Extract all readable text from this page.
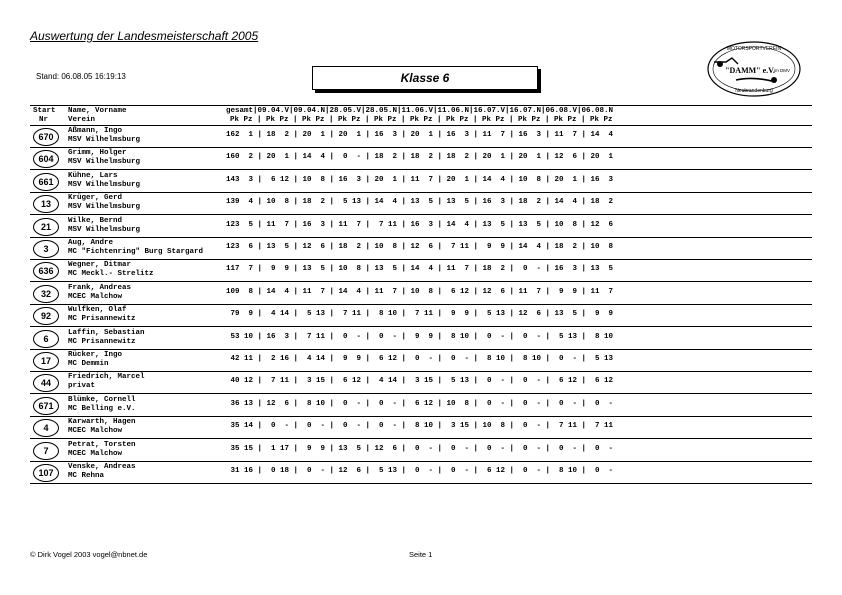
Auswertung der Landesmeisterschaft 2005
Stand: 06.08.05 16:19:13	Klasse 6
MOTORSPORTVEREIN
"DAMM" e.V. im DMV
Neubrandenburg
Start
Nr
Name, Vorname
Verein
gesamt|09.04.V|09.04.N|28.05.V|28.05.N|11.06.V|11.06.N|16.07.V|16.07.N|06.08.V|06.08.N
Pk Pz | Pk Pz | Pk Pz | Pk Pz | Pk Pz | Pk Pz | Pk Pz | Pk Pz | Pk Pz | Pk Pz | Pk Pz
670
Aßmann, Ingo
MSV Wilhelmsburg
162  1 | 18  2 | 20  1 | 20  1 | 16  3 | 20  1 | 16  3 | 11  7 | 16  3 | 11  7 | 14  4
604
Grimm, Holger
MSV Wilhelmsburg
160  2 | 20  1 | 14  4 |  0  - | 18  2 | 18  2 | 18  2 | 20  1 | 20  1 | 12  6 | 20  1
661
Kühne, Lars
MSV Wilhelmsburg
143  3 |  6 12 | 10  8 | 16  3 | 20  1 | 11  7 | 20  1 | 14  4 | 10  8 | 20  1 | 16  3
13
Krüger, Gerd
MSV Wilhelmsburg
139  4 | 10  8 | 18  2 |  5 13 | 14  4 | 13  5 | 13  5 | 16  3 | 18  2 | 14  4 | 18  2
21
Wilke, Bernd
MSV Wilhelmsburg
123  5 | 11  7 | 16  3 | 11  7 |  7 11 | 16  3 | 14  4 | 13  5 | 13  5 | 10  8 | 12  6
3
Aug, Andre
MC "Fichtenring" Burg Stargard
123  6 | 13  5 | 12  6 | 18  2 | 10  8 | 12  6 |  7 11 |  9  9 | 14  4 | 18  2 | 10  8
636
Wegner, Ditmar
MC Meckl.- Strelitz
117  7 |  9  9 | 13  5 | 10  8 | 13  5 | 14  4 | 11  7 | 18  2 |  0  - | 16  3 | 13  5
32
Frank, Andreas
MCEC Malchow
109  8 | 14  4 | 11  7 | 14  4 | 11  7 | 10  8 |  6 12 | 12  6 | 11  7 |  9  9 | 11  7
92
Wulfken, Olaf
MC Prisannewitz
79  9 |  4 14 |  5 13 |  7 11 |  8 10 |  7 11 |  9  9 |  5 13 | 12  6 | 13  5 |  9  9
6
Laffin, Sebastian
MC Prisannewitz
53 10 | 16  3 |  7 11 |  0  - |  0  - |  9  9 |  8 10 |  0  - |  0  - |  5 13 |  8 10
17
Rücker, Ingo
MC Demmin
42 11 |  2 16 |  4 14 |  9  9 |  6 12 |  0  - |  0  - |  8 10 |  8 10 |  0  - |  5 13
44
Friedrich, Marcel
privat
40 12 |  7 11 |  3 15 |  6 12 |  4 14 |  3 15 |  5 13 |  0  - |  0  - |  6 12 |  6 12
671
Blümke, Cornell
MC Belling e.V.
36 13 | 12  6 |  8 10 |  0  - |  0  - |  6 12 | 10  8 |  0  - |  0  - |  0  - |  0  -
4
Karwarth, Hagen
MCEC Malchow
35 14 |  0  - |  0  - |  0  - |  0  - |  8 10 |  3 15 | 10  8 |  0  - |  7 11 |  7 11
7
Petrat, Torsten
MCEC Malchow
35 15 |  1 17 |  9  9 | 13  5 | 12  6 |  0  - |  0  - |  0  - |  0  - |  0  - |  0  -
107
Venske, Andreas
MC Rehna
31 16 |  0 18 |  0  - | 12  6 |  5 13 |  0  - |  0  - |  6 12 |  0  - |  8 10 |  0  -
© Dirk Vogel 2003 vogel@nbnet.de	Seite 1
